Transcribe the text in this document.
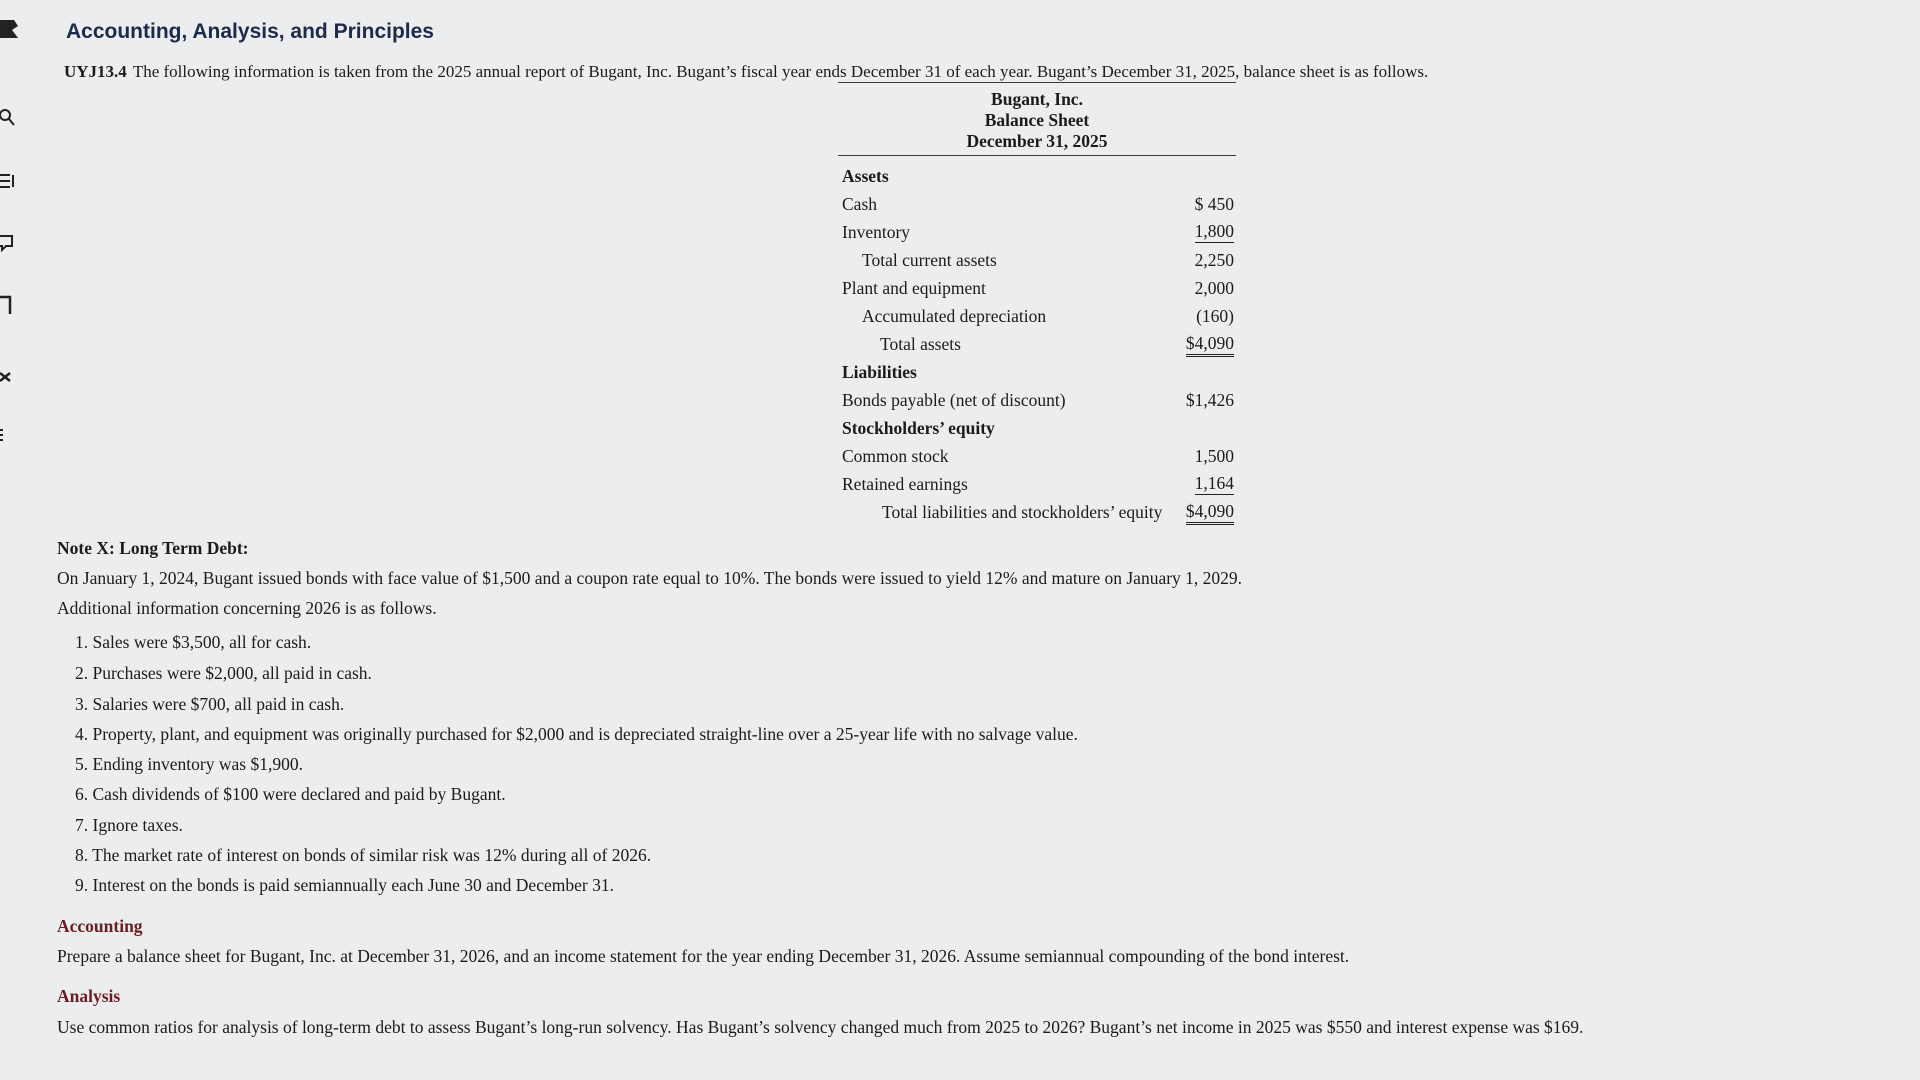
Accounting, Analysis, and Principles
UYJ13.4 The following information is taken from the 2025 annual report of Bugant, Inc. Bugant’s fiscal year ends December 31 of each year. Bugant’s December 31, 2025, balance sheet is as follows.
Bugant, Inc.
Balance Sheet
December 31, 2025
Assets
Cash	$ 450
Inventory	1,800
Total current assets	2,250
Plant and equipment	2,000
Accumulated depreciation	(160)
Total assets	$4,090
Liabilities
Bonds payable (net of discount)	$1,426
Stockholders’ equity
Common stock	1,500
Retained earnings	1,164
Total liabilities and stockholders’ equity $4,090
Note X: Long Term Debt:
On January 1, 2024, Bugant issued bonds with face value of $1,500 and a coupon rate equal to 10%. The bonds were issued to yield 12% and mature on January 1, 2029.
Additional information concerning 2026 is as follows.
1. Sales were $3,500, all for cash.
2. Purchases were $2,000, all paid in cash.
3. Salaries were $700, all paid in cash.
4. Property, plant, and equipment was originally purchased for $2,000 and is depreciated straight-line over a 25-year life with no salvage value.
5. Ending inventory was $1,900.
6. Cash dividends of $100 were declared and paid by Bugant.
7. Ignore taxes.
8. The market rate of interest on bonds of similar risk was 12% during all of 2026.
9. Interest on the bonds is paid semiannually each June 30 and December 31.
Accounting
Prepare a balance sheet for Bugant, Inc. at December 31, 2026, and an income statement for the year ending December 31, 2026. Assume semiannual compounding of the bond interest.
Analysis
Use common ratios for analysis of long-term debt to assess Bugant’s long-run solvency. Has Bugant’s solvency changed much from 2025 to 2026? Bugant’s net income in 2025 was $550 and interest expense was $169.
